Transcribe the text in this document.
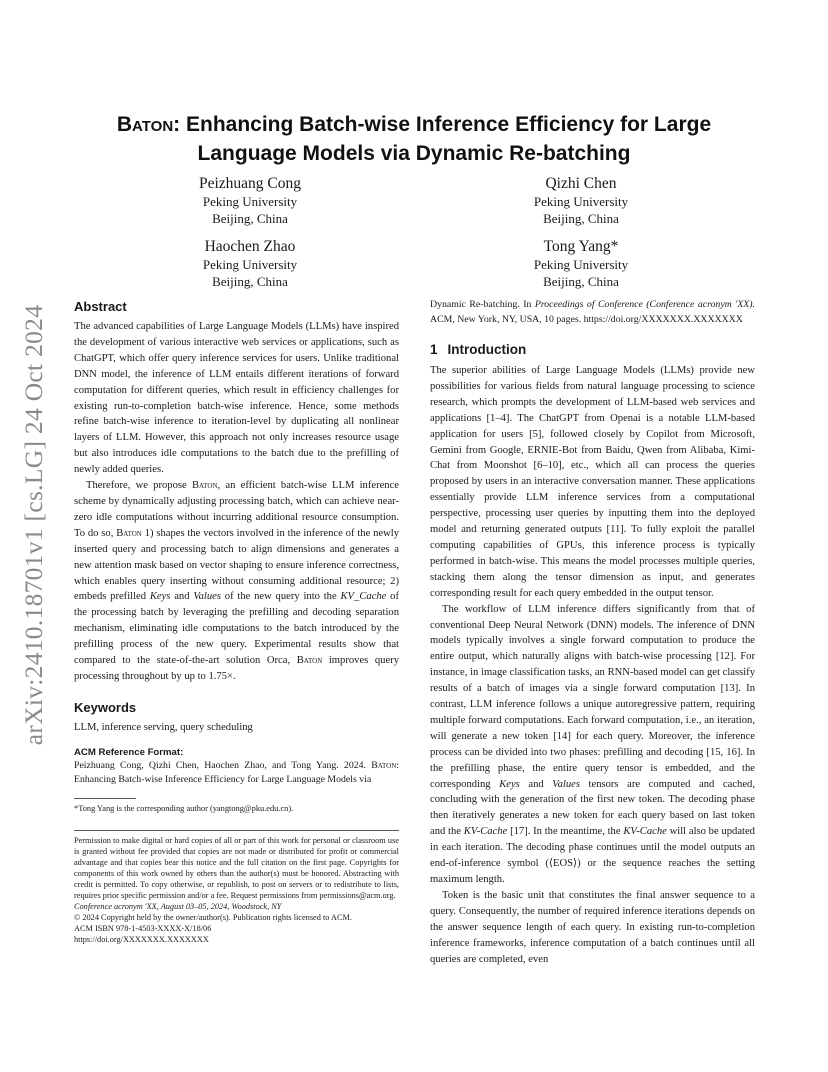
arXiv:2410.18701v1 [cs.LG] 24 Oct 2024
Baton: Enhancing Batch-wise Inference Efficiency for Large Language Models via Dynamic Re-batching
Peizhuang Cong
Peking University
Beijing, China
Qizhi Chen
Peking University
Beijing, China
Haochen Zhao
Peking University
Beijing, China
Tong Yang*
Peking University
Beijing, China
Abstract

The advanced capabilities of Large Language Models (LLMs) have inspired the development of various interactive web services or applications, such as ChatGPT, which offer query inference services for users. Unlike traditional DNN model, the inference of LLM entails different iterations of forward computation for different queries, which result in efficiency challenges for existing run-to-completion batch-wise inference. Hence, some methods refine batch-wise inference to iteration-level by duplicating all nonlinear layers of LLM. However, this approach not only increases resource usage but also introduces idle computations to the batch due to the prefilling of newly added queries.

Therefore, we propose Baton, an efficient batch-wise LLM inference scheme by dynamically adjusting processing batch, which can achieve near-zero idle computations without incurring additional resource consumption. To do so, Baton 1) shapes the vectors involved in the inference of the newly inserted query and processing batch to align dimensions and generates a new attention mask based on vector shaping to ensure inference correctness, which enables query inserting without consuming additional resource; 2) embeds prefilled Keys and Values of the new query into the KV_Cache of the processing batch by leveraging the prefilling and decoding separation mechanism, eliminating idle computations to the batch introduced by the prefilling process of the new query. Experimental results show that compared to the state-of-the-art solution Orca, Baton improves query processing throughout by up to 1.75×.

Keywords

LLM, inference serving, query scheduling

ACM Reference Format:

Peizhuang Cong, Qizhi Chen, Haochen Zhao, and Tong Yang. 2024. Baton: Enhancing Batch-wise Inference Efficiency for Large Language Models via

*Tong Yang is the corresponding author (yangtong@pku.edu.cn).

Permission to make digital or hard copies of all or part of this work for personal or classroom use is granted without fee provided that copies are not made or distributed for profit or commercial advantage and that copies bear this notice and the full citation on the first page. Copyrights for components of this work owned by others than the author(s) must be honored. Abstracting with credit is permitted. To copy otherwise, or republish, to post on servers or to redistribute to lists, requires prior specific permission and/or a fee. Request permissions from permissions@acm.org.

Conference acronym 'XX, August 03–05, 2024, Woodstock, NY
© 2024 Copyright held by the owner/author(s). Publication rights licensed to ACM.
ACM ISBN 978-1-4503-XXXX-X/18/06
https://doi.org/XXXXXXX.XXXXXXX

Dynamic Re-batching. In Proceedings of Conference (Conference acronym 'XX). ACM, New York, NY, USA, 10 pages. https://doi.org/XXXXXXX.XXXXXXX

1 Introduction

The superior abilities of Large Language Models (LLMs) provide new possibilities for various fields from natural language processing to science research, which prompts the development of LLM-based web services and applications [1–4]. The ChatGPT from Openai is a notable LLM-based application for users [5], followed closely by Copilot from Microsoft, Gemini from Google, ERNIE-Bot from Baidu, Qwen from Alibaba, Kimi-Chat from Moonshot [6–10], etc., which all can process the queries proposed by users in an interactive conversation manner. These applications essentially provide LLM inference services from a computational perspective, processing user queries by inputting them into the deployed model and returning generated outputs [11]. To fully exploit the parallel computing capabilities of GPUs, this inference process is typically performed in batch-wise. This means the model processes multiple queries, stacking them along the tensor dimension as input, and generates corresponding result for each query embedded in the output tensor.

The workflow of LLM inference differs significantly from that of conventional Deep Neural Network (DNN) models. The inference of DNN models typically involves a single forward computation to produce the entire output, which naturally aligns with batch-wise processing [12]. For instance, in image classification tasks, an RNN-based model can get classify results of a batch of images via a single forward computation [13]. In contrast, LLM inference follows a unique autoregressive pattern, requiring multiple forward computations. Each forward computation, i.e., an iteration, will generate a new token [14] for each query. Moreover, the inference process can be divided into two phases: prefilling and decoding [15, 16]. In the prefilling phase, the entire query tensor is embedded, and the corresponding Keys and Values tensors are computed and cached, concluding with the generation of the first new token. The decoding phase then iteratively generates a new token for each query based on last token and the KV-Cache [17]. In the meantime, the KV-Cache will also be updated in each iteration. The decoding phase continues until the model outputs an end-of-inference symbol (⟨EOS⟩) or the sequence reaches the setting maximum length.

Token is the basic unit that constitutes the final answer sequence to a query. Consequently, the number of required inference iterations depends on the answer sequence length of each query. In existing run-to-completion inference frameworks, inference computation of a batch continues until all queries are completed, even
